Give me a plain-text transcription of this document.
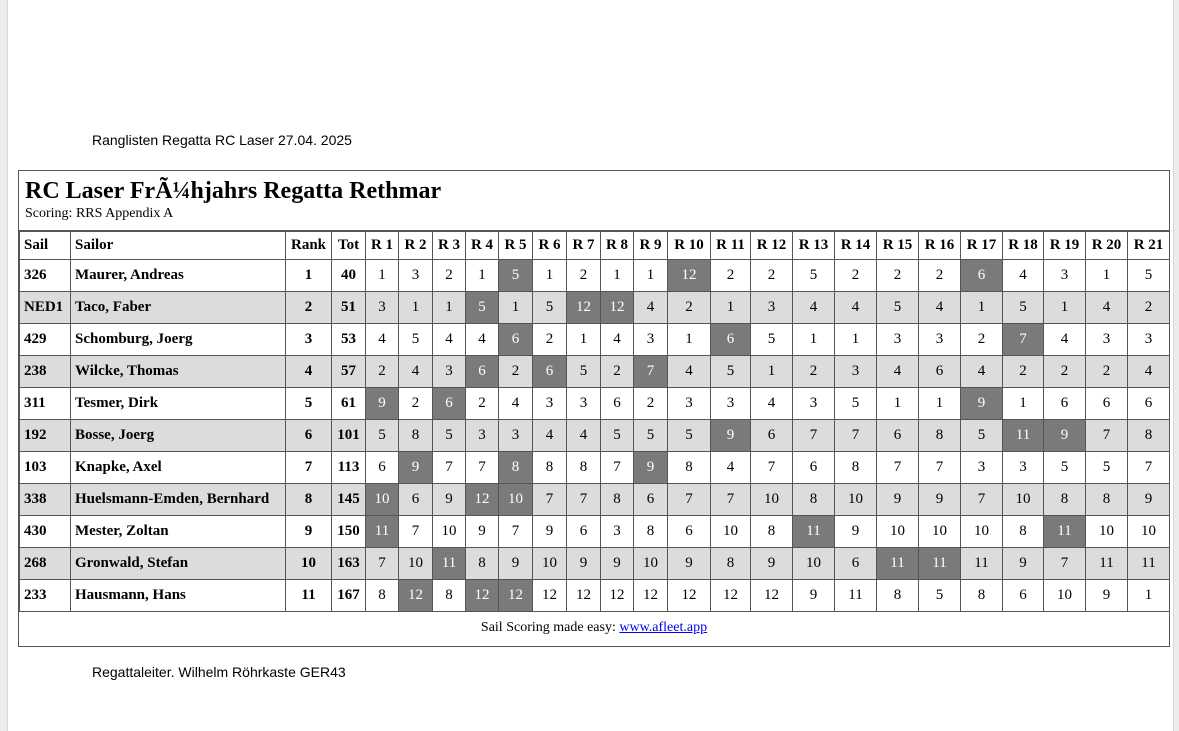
Ranglisten Regatta RC Laser 27.04. 2025
RC Laser FrÃ¼hjahrs Regatta Rethmar
Scoring: RRS Appendix A
Sail	Sailor	Rank	Tot	R 1	R 2	R 3	R 4	R 5	R 6	R 7	R 8	R 9	R 10	R 11	R 12	R 13	R 14	R 15	R 16	R 17	R 18	R 19	R 20	R 21
326	Maurer, Andreas	1	40	1	3	2	1	5	1	2	1	1	12	2	2	5	2	2	2	6	4	3	1	5
NED1	Taco, Faber	2	51	3	1	1	5	1	5	12	12	4	2	1	3	4	4	5	4	1	5	1	4	2
429	Schomburg, Joerg	3	53	4	5	4	4	6	2	1	4	3	1	6	5	1	1	3	3	2	7	4	3	3
238	Wilcke, Thomas	4	57	2	4	3	6	2	6	5	2	7	4	5	1	2	3	4	6	4	2	2	2	4
311	Tesmer, Dirk	5	61	9	2	6	2	4	3	3	6	2	3	3	4	3	5	1	1	9	1	6	6	6
192	Bosse, Joerg	6	101	5	8	5	3	3	4	4	5	5	5	9	6	7	7	6	8	5	11	9	7	8
103	Knapke, Axel	7	113	6	9	7	7	8	8	8	7	9	8	4	7	6	8	7	7	3	3	5	5	7
338	Huelsmann-Emden, Bernhard	8	145	10	6	9	12	10	7	7	8	6	7	7	10	8	10	9	9	7	10	8	8	9
430	Mester, Zoltan	9	150	11	7	10	9	7	9	6	3	8	6	10	8	11	9	10	10	10	8	11	10	10
268	Gronwald, Stefan	10	163	7	10	11	8	9	10	9	9	10	9	8	9	10	6	11	11	11	9	7	11	11
233	Hausmann, Hans	11	167	8	12	8	12	12	12	12	12	12	12	12	12	9	11	8	5	8	6	10	9	1
Sail Scoring made easy: www.afleet.app
Regattaleiter. Wilhelm Röhrkaste GER43
